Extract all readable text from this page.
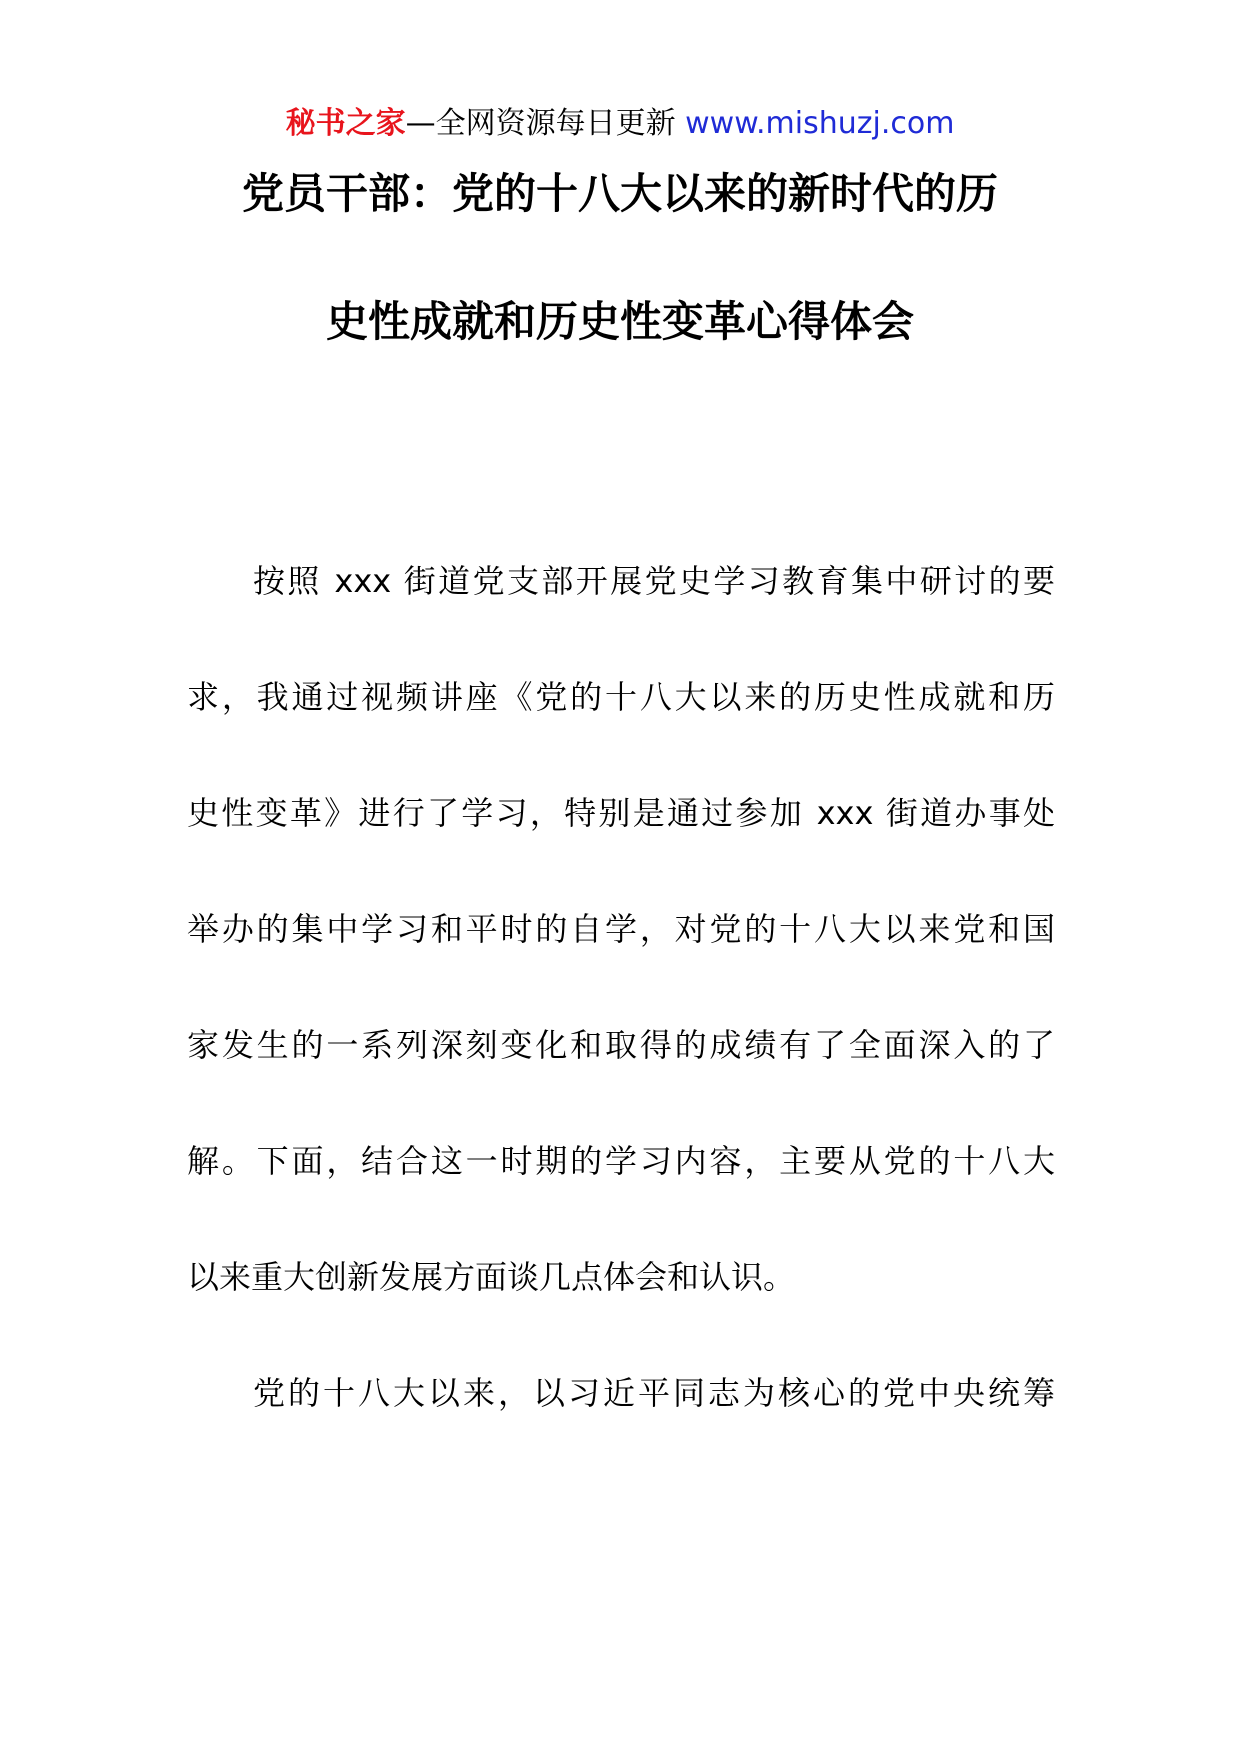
秘书之家—全网资源每日更新 www.mishuzj.com
党员干部：党的十八大以来的新时代的历
史性成就和历史性变革心得体会
按照 xxx 街道党支部开展党史学习教育集中研讨的要
求，我通过视频讲座《党的十八大以来的历史性成就和历
史性变革》进行了学习，特别是通过参加 xxx 街道办事处
举办的集中学习和平时的自学，对党的十八大以来党和国
家发生的一系列深刻变化和取得的成绩有了全面深入的了
解。下面，结合这一时期的学习内容，主要从党的十八大
以来重大创新发展方面谈几点体会和认识。
党的十八大以来，以习近平同志为核心的党中央统筹
